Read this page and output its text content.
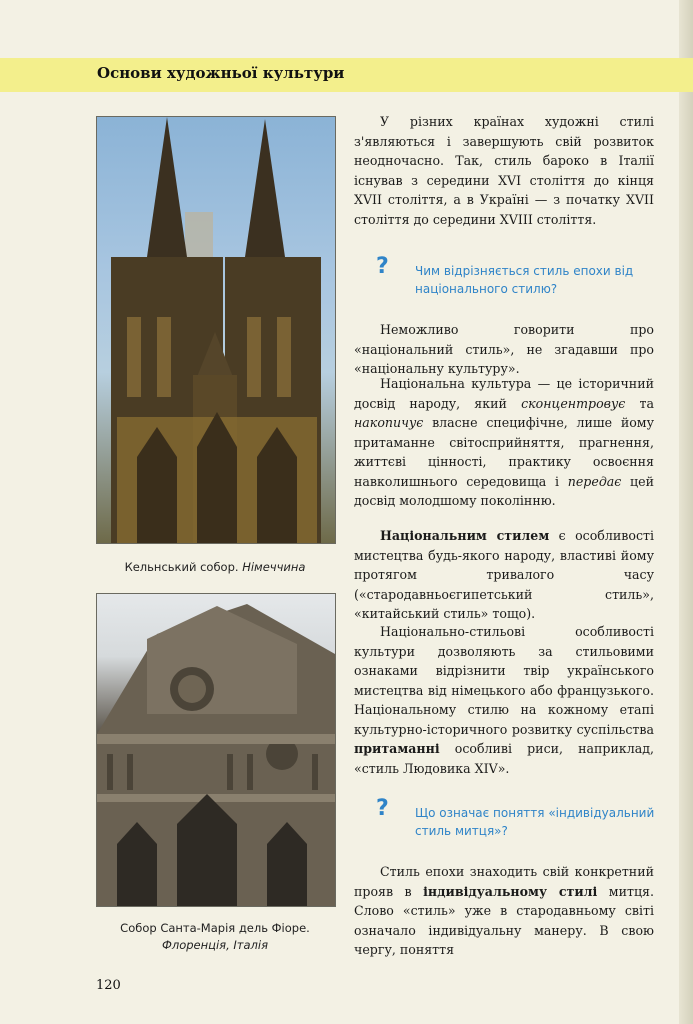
Основи художньої культури
Кельнський собор. Німеччина
Собор Санта-Марія дель Фіоре.
Флоренція, Італія

У різних країнах художні стилі з'являються і завершують свій розвиток неодночасно. Так, стиль бароко в Італії існував з середини XVI століття до кінця XVII століття, а в Україні — з початку XVII століття до середини XVIII століття.

? Чим відрізняється стиль епохи від національного стилю?

Неможливо говорити про «національний стиль», не згадавши про «національну культуру».

Національна культура — це історичний досвід народу, який сконцентровує та накопичує власне специфічне, лише йому притаманне світосприйняття, прагнення, життєві цінності, практику освоєння навколишнього середовища і передає цей досвід молодшому поколінню.

Національним стилем є особливості мистецтва будь-якого народу, властиві йому протягом тривалого часу («стародавньоєгипетський стиль», «китайський стиль» тощо).

Національно-стильові особливості культури дозволяють за стильовими ознаками відрізнити твір українського мистецтва від німецького або французького. Національному стилю на кожному етапі культурно-історичного розвитку суспільства притаманні особливі риси, наприклад, «стиль Людовика XIV».

? Що означає поняття «індивідуальний стиль митця»?

Стиль епохи знаходить свій конкретний прояв в індивідуальному стилі митця. Слово «стиль» уже в стародавньому світі означало індивідуальну манеру. В свою чергу, поняття

120
